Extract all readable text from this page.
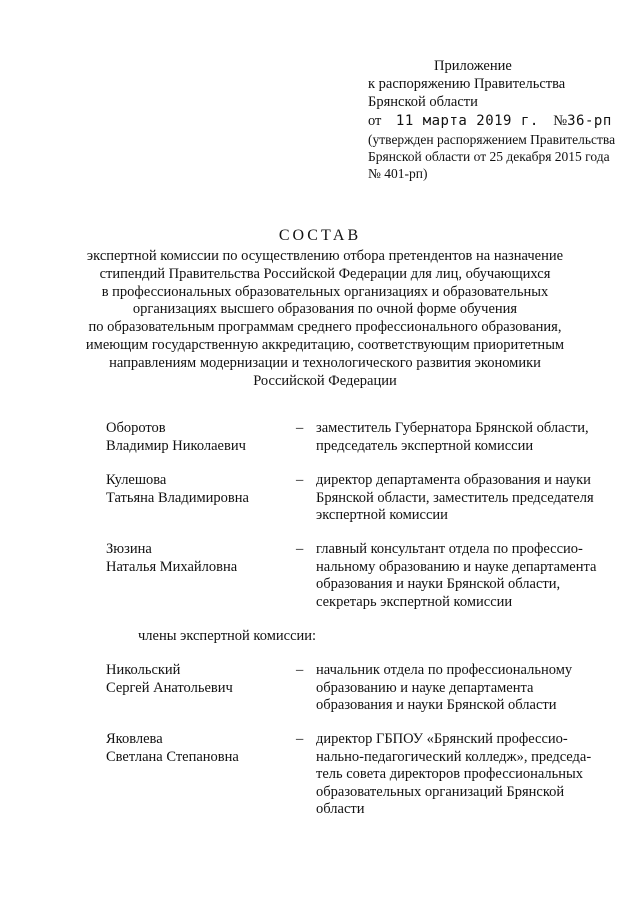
Приложение
к распоряжению Правительства
Брянской области
от 11 марта 2019 г. №36-рп
(утвержден распоряжением Правительства
Брянской области от 25 декабря 2015 года
№ 401-рп)
СОСТАВ
экспертной комиссии по осуществлению отбора претендентов на назначение
стипендий Правительства Российской Федерации для лиц, обучающихся
в профессиональных образовательных организациях и образовательных
организациях высшего образования по очной форме обучения
по образовательным программам среднего профессионального образования,
имеющим государственную аккредитацию, соответствующим приоритетным
направлениям модернизации и технологического развития экономики
Российской Федерации
Оборотов
Владимир Николаевич
– заместитель Губернатора Брянской области,
председатель экспертной комиссии
Кулешова
Татьяна Владимировна
– директор департамента образования и науки
Брянской области, заместитель председателя
экспертной комиссии
Зюзина
Наталья Михайловна
– главный консультант отдела по профессио-
нальному образованию и науке департамента
образования и науки Брянской области,
секретарь экспертной комиссии
члены экспертной комиссии:
Никольский
Сергей Анатольевич
– начальник отдела по профессиональному
образованию и науке департамента
образования и науки Брянской области
Яковлева
Светлана Степановна
– директор ГБПОУ «Брянский профессио-
нально-педагогический колледж», председа-
тель совета директоров профессиональных
образовательных организаций Брянской
области
